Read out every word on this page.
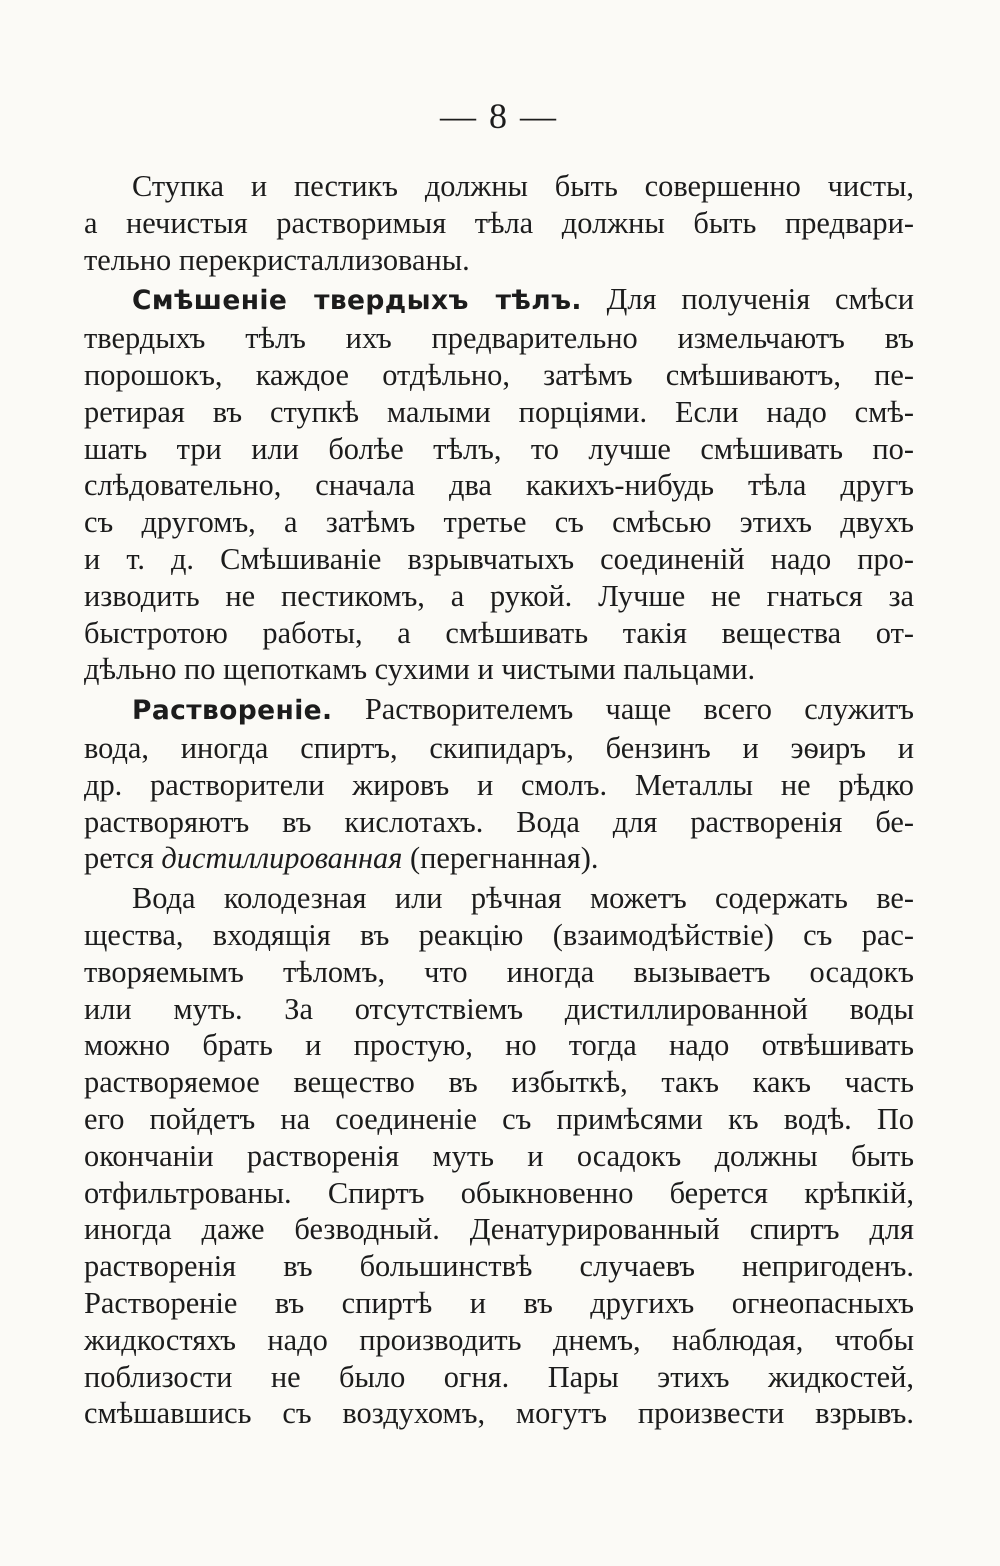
— 8 —
Ступка и пестикъ должны быть совершенно чисты,
а нечистыя растворимыя тѣла должны быть предвари-
тельно перекристаллизованы.
Смѣшеніе твердыхъ тѣлъ. Для полученія смѣси
твердыхъ тѣлъ ихъ предварительно измельчаютъ въ
порошокъ, каждое отдѣльно, затѣмъ смѣшиваютъ, пе-
ретирая въ ступкѣ малыми порціями. Если надо смѣ-
шать три или болѣе тѣлъ, то лучше смѣшивать по-
слѣдовательно, сначала два какихъ-нибудь тѣла другъ
съ другомъ, а затѣмъ третье съ смѣсью этихъ двухъ
и т. д. Смѣшиваніе взрывчатыхъ соединеній надо про-
изводить не пестикомъ, а рукой. Лучше не гнаться за
быстротою работы, а смѣшивать такія вещества от-
дѣльно по щепоткамъ сухими и чистыми пальцами.
Раствореніе. Растворителемъ чаще всего служитъ
вода, иногда спиртъ, скипидаръ, бензинъ и эѳиръ и
др. растворители жировъ и смолъ. Металлы не рѣдко
растворяютъ въ кислотахъ. Вода для растворенія бе-
рется дистиллированная (перегнанная).
Вода колодезная или рѣчная можетъ содержать ве-
щества, входящія въ реакцію (взаимодѣйствіе) съ рас-
творяемымъ тѣломъ, что иногда вызываетъ осадокъ
или муть. За отсутствіемъ дистиллированной воды
можно брать и простую, но тогда надо отвѣшивать
растворяемое вещество въ избыткѣ, такъ какъ часть
его пойдетъ на соединеніе съ примѣсями къ водѣ. По
окончаніи растворенія муть и осадокъ должны быть
отфильтрованы. Спиртъ обыкновенно берется крѣпкій,
иногда даже безводный. Денатурированный спиртъ для
растворенія въ большинствѣ случаевъ непригоденъ.
Раствореніе въ спиртѣ и въ другихъ огнеопасныхъ
жидкостяхъ надо производить днемъ, наблюдая, чтобы
поблизости не было огня. Пары этихъ жидкостей,
смѣшавшись съ воздухомъ, могутъ произвести взрывъ.
